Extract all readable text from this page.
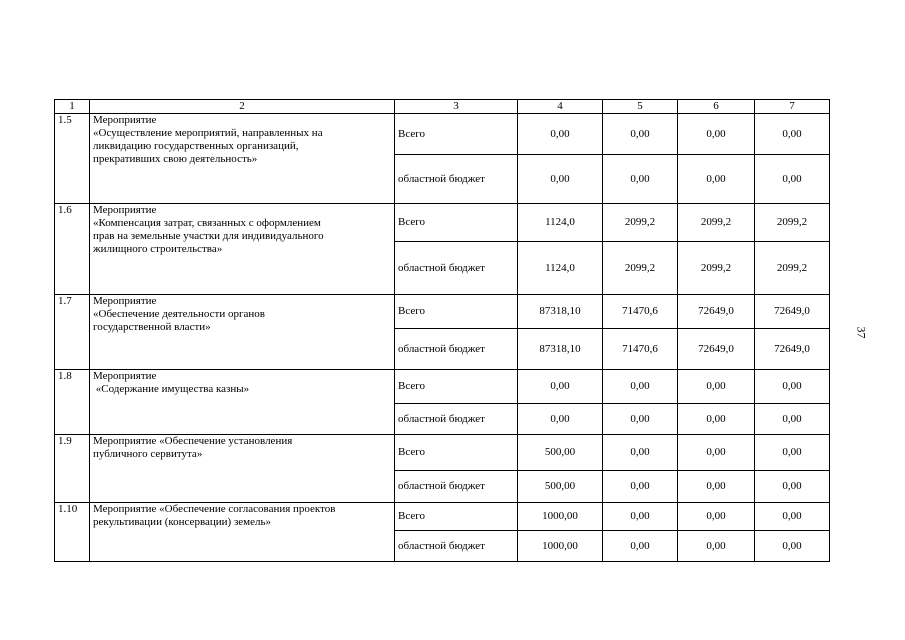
1	2	3	4	5	6	7
1.5	Мероприятие
«Осуществление мероприятий, направленных на
ликвидацию государственных организаций,
прекративших свою деятельность»	Всего	0,00	0,00	0,00	0,00
		областной бюджет	0,00	0,00	0,00	0,00
1.6	Мероприятие
«Компенсация затрат, связанных с оформлением
прав на земельные участки для индивидуального
жилищного строительства»	Всего	1124,0	2099,2	2099,2	2099,2
		областной бюджет	1124,0	2099,2	2099,2	2099,2
1.7	Мероприятие
«Обеспечение деятельности органов
государственной власти»	Всего	87318,10	71470,6	72649,0	72649,0
		областной бюджет	87318,10	71470,6	72649,0	72649,0
1.8	Мероприятие
«Содержание имущества казны»	Всего	0,00	0,00	0,00	0,00
		областной бюджет	0,00	0,00	0,00	0,00
1.9	Мероприятие «Обеспечение установления
публичного сервитута»	Всего	500,00	0,00	0,00	0,00
		областной бюджет	500,00	0,00	0,00	0,00
1.10	Мероприятие «Обеспечение согласования проектов
рекультивации (консервации) земель»	Всего	1000,00	0,00	0,00	0,00
		областной бюджет	1000,00	0,00	0,00	0,00
37
